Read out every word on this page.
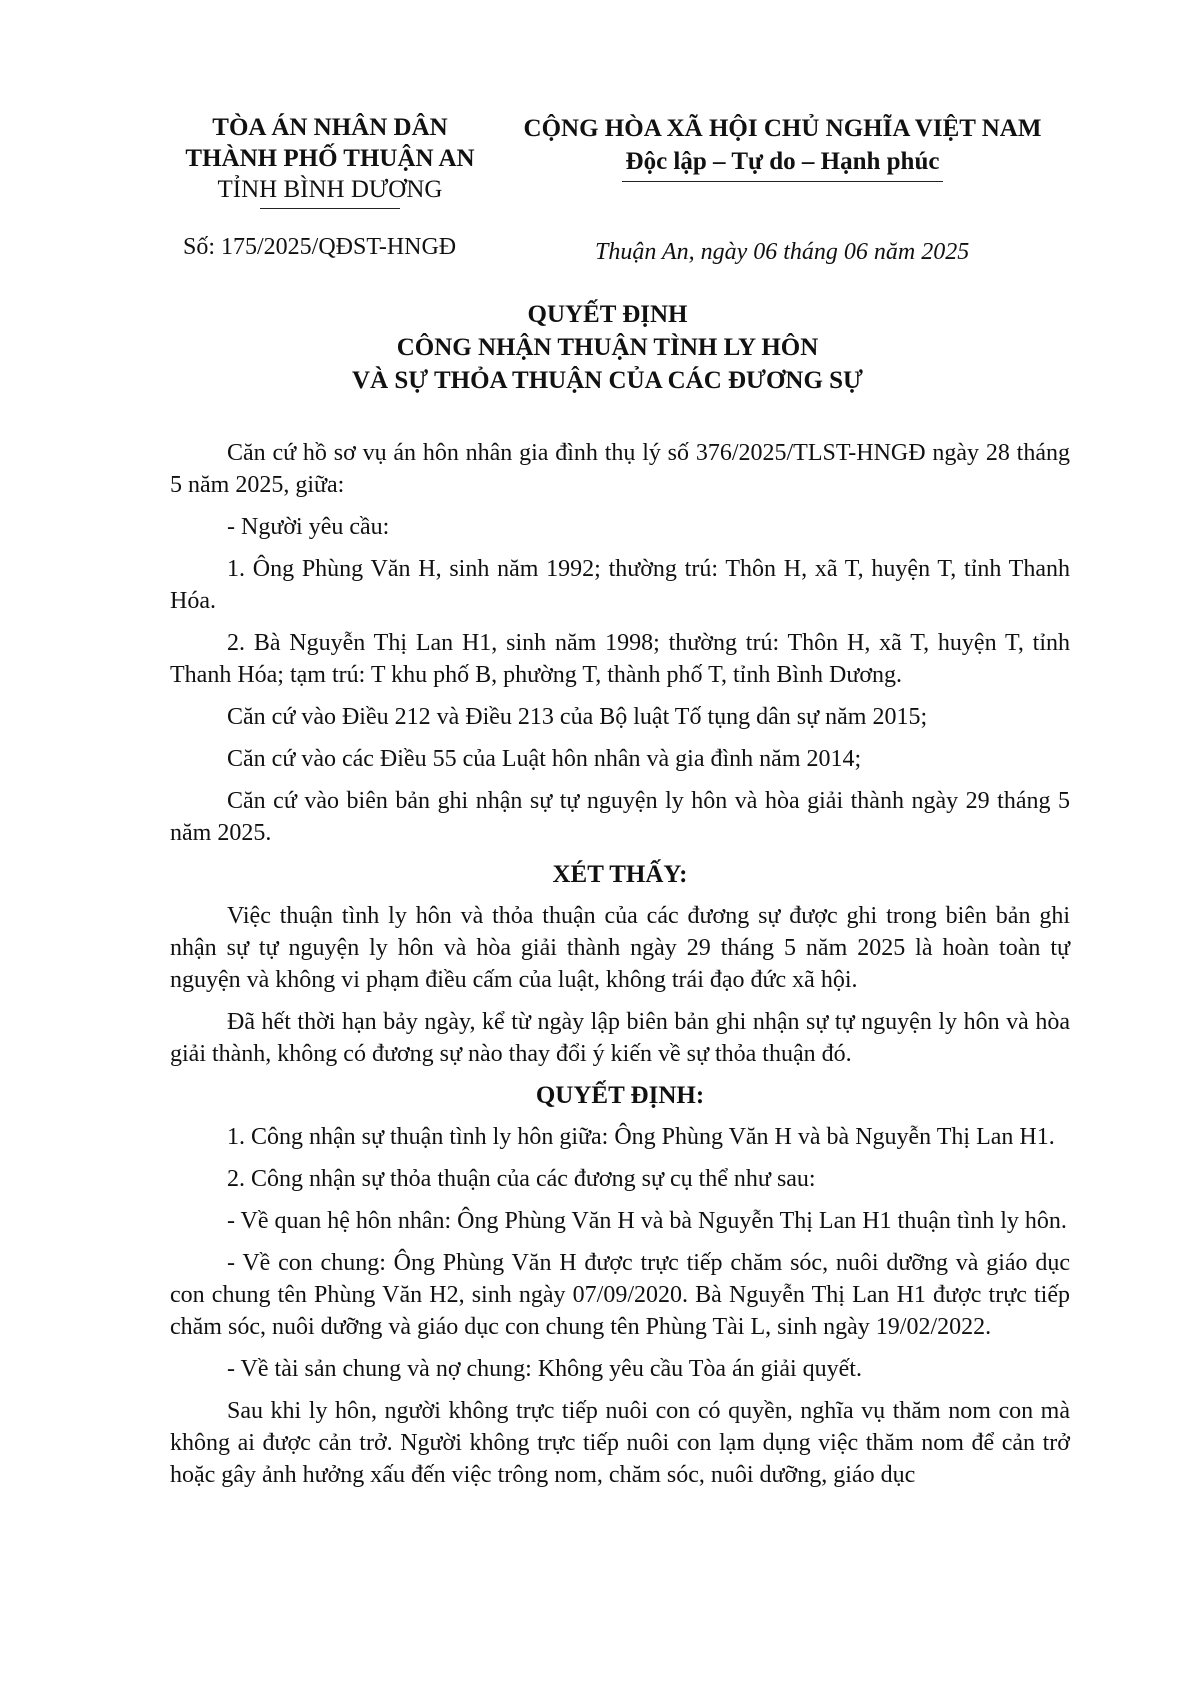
TÒA ÁN NHÂN DÂN
THÀNH PHỐ THUẬN AN
TỈNH BÌNH DƯƠNG
CỘNG HÒA XÃ HỘI CHỦ NGHĨA VIỆT NAM
Độc lập – Tự do – Hạnh phúc
Số: 175/2025/QĐST-HNGĐ	Thuận An, ngày 06 tháng 06 năm 2025
QUYẾT ĐỊNH
CÔNG NHẬN THUẬN TÌNH LY HÔN
VÀ SỰ THỎA THUẬN CỦA CÁC ĐƯƠNG SỰ

Căn cứ hồ sơ vụ án hôn nhân gia đình thụ lý số 376/2025/TLST-HNGĐ ngày 28 tháng 5 năm 2025, giữa:

- Người yêu cầu:

1. Ông Phùng Văn H, sinh năm 1992; thường trú: Thôn H, xã T, huyện T, tỉnh Thanh Hóa.

2. Bà Nguyễn Thị Lan H1, sinh năm 1998; thường trú: Thôn H, xã T, huyện T, tỉnh Thanh Hóa; tạm trú: T khu phố B, phường T, thành phố T, tỉnh Bình Dương.

Căn cứ vào Điều 212 và Điều 213 của Bộ luật Tố tụng dân sự năm 2015;

Căn cứ vào các Điều 55 của Luật hôn nhân và gia đình năm 2014;

Căn cứ vào biên bản ghi nhận sự tự nguyện ly hôn và hòa giải thành ngày 29 tháng 5 năm 2025.

XÉT THẤY:

Việc thuận tình ly hôn và thỏa thuận của các đương sự được ghi trong biên bản ghi nhận sự tự nguyện ly hôn và hòa giải thành ngày 29 tháng 5 năm 2025 là hoàn toàn tự nguyện và không vi phạm điều cấm của luật, không trái đạo đức xã hội.

Đã hết thời hạn bảy ngày, kể từ ngày lập biên bản ghi nhận sự tự nguyện ly hôn và hòa giải thành, không có đương sự nào thay đổi ý kiến về sự thỏa thuận đó.

QUYẾT ĐỊNH:

1. Công nhận sự thuận tình ly hôn giữa: Ông Phùng Văn H và bà Nguyễn Thị Lan H1.

2. Công nhận sự thỏa thuận của các đương sự cụ thể như sau:

- Về quan hệ hôn nhân: Ông Phùng Văn H và bà Nguyễn Thị Lan H1 thuận tình ly hôn.

- Về con chung: Ông Phùng Văn H được trực tiếp chăm sóc, nuôi dưỡng và giáo dục con chung tên Phùng Văn H2, sinh ngày 07/09/2020. Bà Nguyễn Thị Lan H1 được trực tiếp chăm sóc, nuôi dưỡng và giáo dục con chung tên Phùng Tài L, sinh ngày 19/02/2022.

- Về tài sản chung và nợ chung: Không yêu cầu Tòa án giải quyết.

Sau khi ly hôn, người không trực tiếp nuôi con có quyền, nghĩa vụ thăm nom con mà không ai được cản trở. Người không trực tiếp nuôi con lạm dụng việc thăm nom để cản trở hoặc gây ảnh hưởng xấu đến việc trông nom, chăm sóc, nuôi dưỡng, giáo dục
